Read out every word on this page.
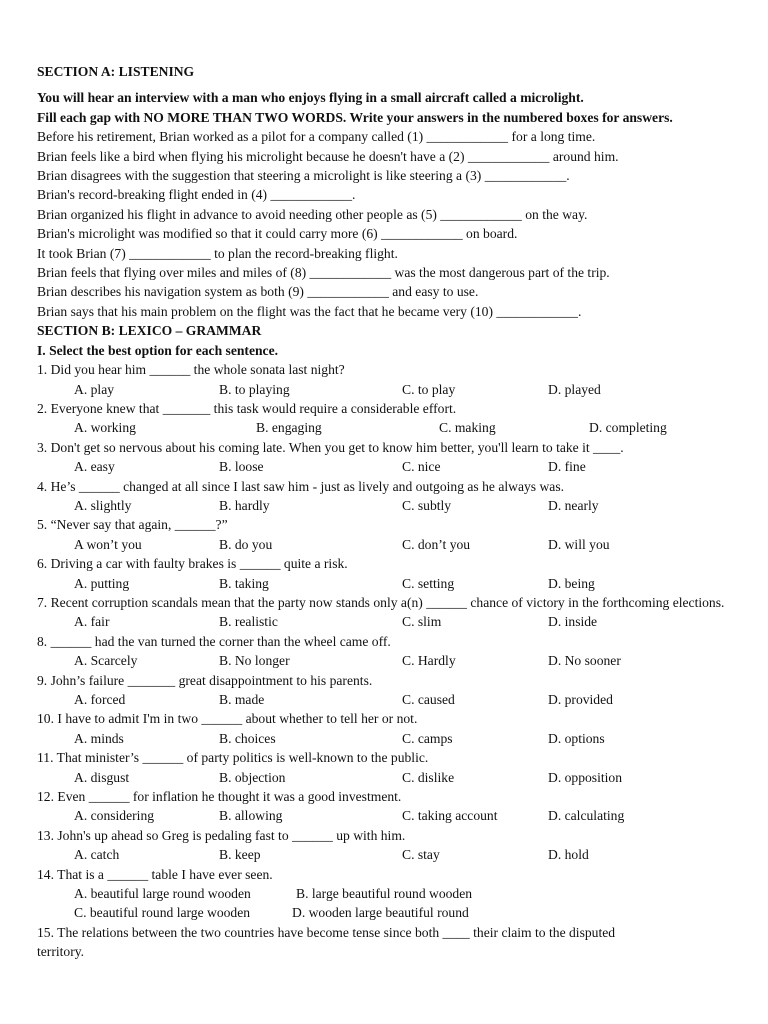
SECTION A: LISTENING
You will hear an interview with a man who enjoys flying in a small aircraft called a microlight.
Fill each gap with NO MORE THAN TWO WORDS. Write your answers in the numbered boxes for answers.
Before his retirement, Brian worked as a pilot for a company called (1) ____________ for a long time.
Brian feels like a bird when flying his microlight because he doesn't have a (2) ____________ around him.
Brian disagrees with the suggestion that steering a microlight is like steering a (3) ____________.
Brian's record-breaking flight ended in (4) ____________.
Brian organized his flight in advance to avoid needing other people as (5) ____________ on the way.
Brian's microlight was modified so that it could carry more (6) ____________ on board.
It took Brian (7) ____________ to plan the record-breaking flight.
Brian feels that flying over miles and miles of (8) ____________ was the most dangerous part of the trip.
Brian describes his navigation system as both (9) ____________ and easy to use.
Brian says that his main problem on the flight was the fact that he became very (10) ____________.
SECTION B: LEXICO – GRAMMAR
I. Select the best option for each sentence.
1. Did you hear him ______ the whole sonata last night?
A. play	B. to playing	C. to play	D. played
2. Everyone knew that _______ this task would require a considerable effort.
A. working	B. engaging	C. making	D. completing
3. Don't get so nervous about his coming late. When you get to know him better, you'll learn to take it ____.
A. easy	B. loose	C. nice	D. fine
4. He’s ______ changed at all since I last saw him - just as lively and outgoing as he always was.
A. slightly	B. hardly	C. subtly	D. nearly
5. “Never say that again, ______?”
A won’t you	B. do you	C. don’t you	D. will you
6. Driving a car with faulty brakes is ______ quite a risk.
A. putting	B. taking	C. setting	D. being
7. Recent corruption scandals mean that the party now stands only a(n) ______ chance of victory in the forthcoming elections.
A. fair	B. realistic	C. slim	D. inside
8. ______ had the van turned the corner than the wheel came off.
A. Scarcely	B. No longer	C. Hardly	D. No sooner
9. John’s failure _______ great disappointment to his parents.
A. forced	B. made	C. caused	D. provided
10. I have to admit I'm in two ______ about whether to tell her or not.
A. minds	B. choices	C. camps	D. options
11. That minister’s ______ of party politics is well-known to the public.
A. disgust	B. objection	C. dislike	D. opposition
12. Even ______ for inflation he thought it was a good investment.
A. considering	B. allowing	C. taking account	D. calculating
13. John's up ahead so Greg is pedaling fast to ______ up with him.
A. catch	B. keep	C. stay	D. hold
14. That is a ______ table I have ever seen.
A. beautiful large round wooden	B. large beautiful round wooden
C. beautiful round large wooden	D. wooden large beautiful round
15. The relations between the two countries have become tense since both ____ their claim to the disputed
territory.
